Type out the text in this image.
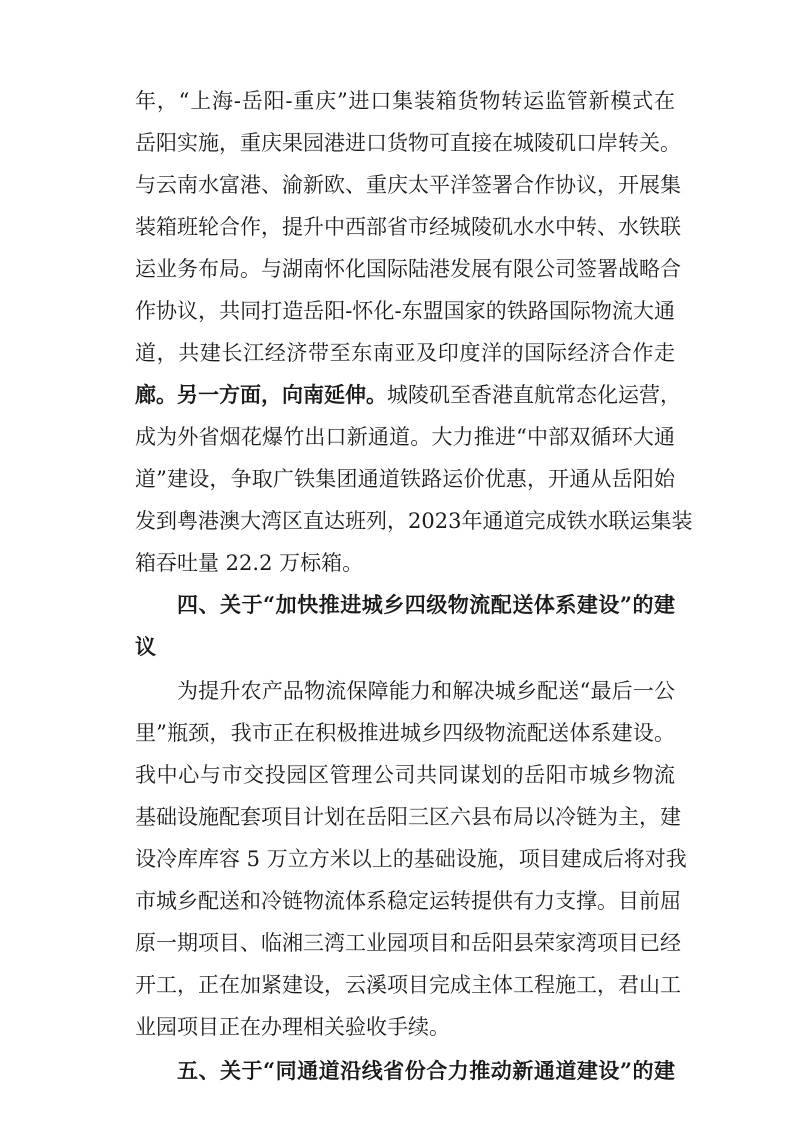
年，“上海-岳阳-重庆”进口集装箱货物转运监管新模式在
岳阳实施，重庆果园港进口货物可直接在城陵矶口岸转关。
与云南水富港、渝新欧、重庆太平洋签署合作协议，开展集
装箱班轮合作，提升中西部省市经城陵矶水水中转、水铁联
运业务布局。与湖南怀化国际陆港发展有限公司签署战略合
作协议，共同打造岳阳-怀化-东盟国家的铁路国际物流大通
道，共建长江经济带至东南亚及印度洋的国际经济合作走
廊。另一方面，向南延伸。城陵矶至香港直航常态化运营，
成为外省烟花爆竹出口新通道。大力推进“中部双循环大通
道”建设，争取广铁集团通道铁路运价优惠，开通从岳阳始
发到粤港澳大湾区直达班列，2023年通道完成铁水联运集装
箱吞吐量 22.2 万标箱。
四、关于“加快推进城乡四级物流配送体系建设”的建
议
为提升农产品物流保障能力和解决城乡配送“最后一公
里”瓶颈，我市正在积极推进城乡四级物流配送体系建设。
我中心与市交投园区管理公司共同谋划的岳阳市城乡物流
基础设施配套项目计划在岳阳三区六县布局以冷链为主，建
设冷库库容 5 万立方米以上的基础设施，项目建成后将对我
市城乡配送和冷链物流体系稳定运转提供有力支撑。目前屈
原一期项目、临湘三湾工业园项目和岳阳县荣家湾项目已经
开工，正在加紧建设，云溪项目完成主体工程施工，君山工
业园项目正在办理相关验收手续。
五、关于“同通道沿线省份合力推动新通道建设”的建
